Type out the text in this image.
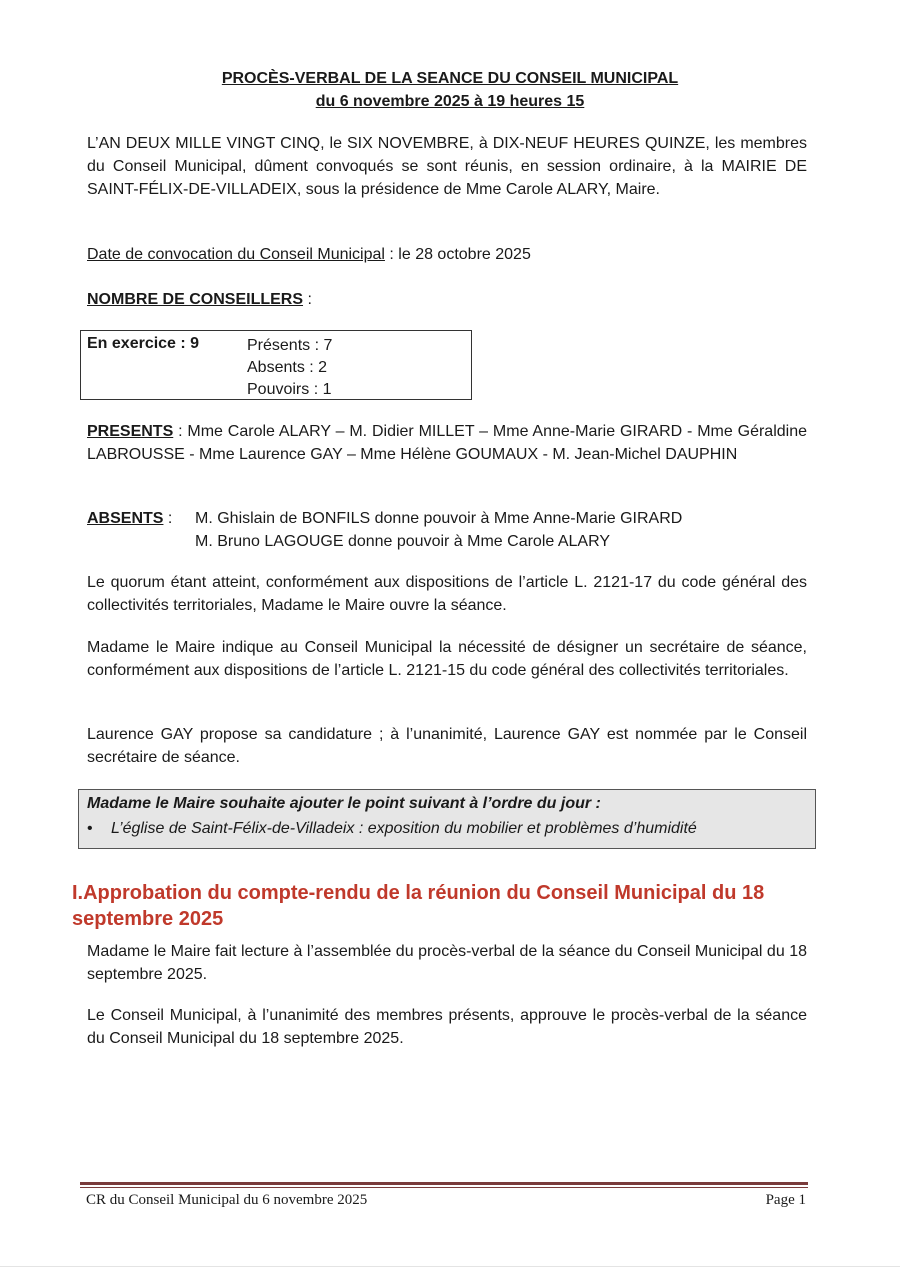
PROCÈS-VERBAL DE LA SEANCE DU CONSEIL MUNICIPAL
du 6 novembre 2025 à 19 heures 15
L’AN DEUX MILLE VINGT CINQ, le SIX NOVEMBRE, à DIX-NEUF HEURES QUINZE, les membres du Conseil Municipal, dûment convoqués se sont réunis, en session ordinaire, à la MAIRIE DE SAINT-FÉLIX-DE-VILLADEIX, sous la présidence de Mme Carole ALARY, Maire.
Date de convocation du Conseil Municipal : le 28 octobre 2025
NOMBRE DE CONSEILLERS :
En exercice : 9	Présents : 7
Absents : 2
Pouvoirs : 1
PRESENTS : Mme Carole ALARY – M. Didier MILLET – Mme Anne-Marie GIRARD - Mme Géraldine LABROUSSE - Mme Laurence GAY – Mme Hélène GOUMAUX - M. Jean-Michel DAUPHIN
ABSENTS : M. Ghislain de BONFILS donne pouvoir à Mme Anne-Marie GIRARD
M. Bruno LAGOUGE donne pouvoir à Mme Carole ALARY
Le quorum étant atteint, conformément aux dispositions de l’article L. 2121-17 du code général des collectivités territoriales, Madame le Maire ouvre la séance.
Madame le Maire indique au Conseil Municipal la nécessité de désigner un secrétaire de séance, conformément aux dispositions de l’article L. 2121-15 du code général des collectivités territoriales.
Laurence GAY propose sa candidature ; à l’unanimité, Laurence GAY est nommée par le Conseil secrétaire de séance.
Madame le Maire souhaite ajouter le point suivant à l’ordre du jour :
• L’église de Saint-Félix-de-Villadeix : exposition du mobilier et problèmes d’humidité
I.Approbation du compte-rendu de la réunion du Conseil Municipal du 18 septembre 2025
Madame le Maire fait lecture à l’assemblée du procès-verbal de la séance du Conseil Municipal du 18 septembre 2025.
Le Conseil Municipal, à l’unanimité des membres présents, approuve le procès-verbal de la séance du Conseil Municipal du 18 septembre 2025.
CR du Conseil Municipal du 6 novembre 2025	Page 1
